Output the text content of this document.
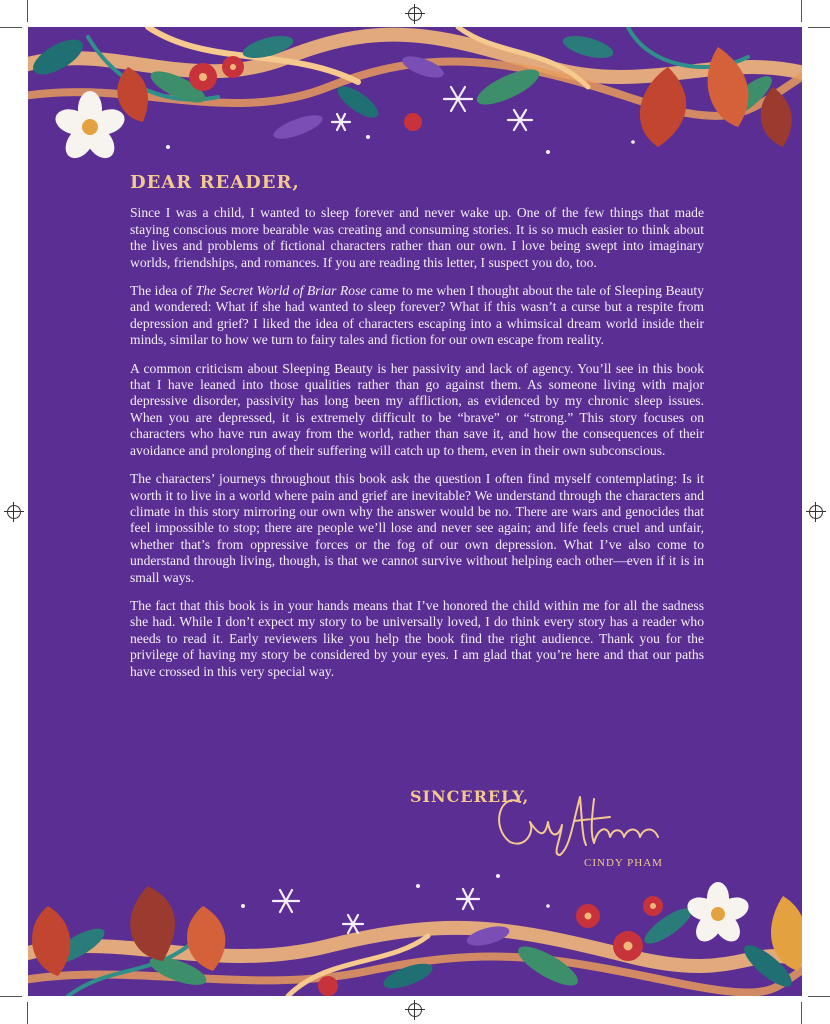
DEAR READER,

Since I was a child, I wanted to sleep forever and never wake up. One of the few things that made staying conscious more bearable was creating and consuming stories. It is so much easier to think about the lives and problems of fictional characters rather than our own. I love being swept into imaginary worlds, friendships, and romances. If you are reading this letter, I suspect you do, too.

The idea of The Secret World of Briar Rose came to me when I thought about the tale of Sleeping Beauty and wondered: What if she had wanted to sleep forever? What if this wasn’t a curse but a respite from depression and grief? I liked the idea of characters escaping into a whimsical dream world inside their minds, similar to how we turn to fairy tales and fiction for our own escape from reality.

A common criticism about Sleeping Beauty is her passivity and lack of agency. You’ll see in this book that I have leaned into those qualities rather than go against them. As someone living with major depressive disorder, passivity has long been my affliction, as evidenced by my chronic sleep issues. When you are depressed, it is extremely difficult to be “brave” or “strong.” This story focuses on characters who have run away from the world, rather than save it, and how the consequences of their avoidance and prolonging of their suffering will catch up to them, even in their own subconscious.

The characters’ journeys throughout this book ask the question I often find myself contemplating: Is it worth it to live in a world where pain and grief are inevitable? We understand through the characters and climate in this story mirroring our own why the answer would be no. There are wars and genocides that feel impossible to stop; there are people we’ll lose and never see again; and life feels cruel and unfair, whether that’s from oppressive forces or the fog of our own depression. What I’ve also come to understand through living, though, is that we cannot survive without helping each other—even if it is in small ways.

The fact that this book is in your hands means that I’ve honored the child within me for all the sadness she had. While I don’t expect my story to be universally loved, I do think every story has a reader who needs to read it. Early reviewers like you help the book find the right audience. Thank you for the privilege of having my story be considered by your eyes. I am glad that you’re here and that our paths have crossed in this very special way.

SINCERELY,
CINDY PHAM
